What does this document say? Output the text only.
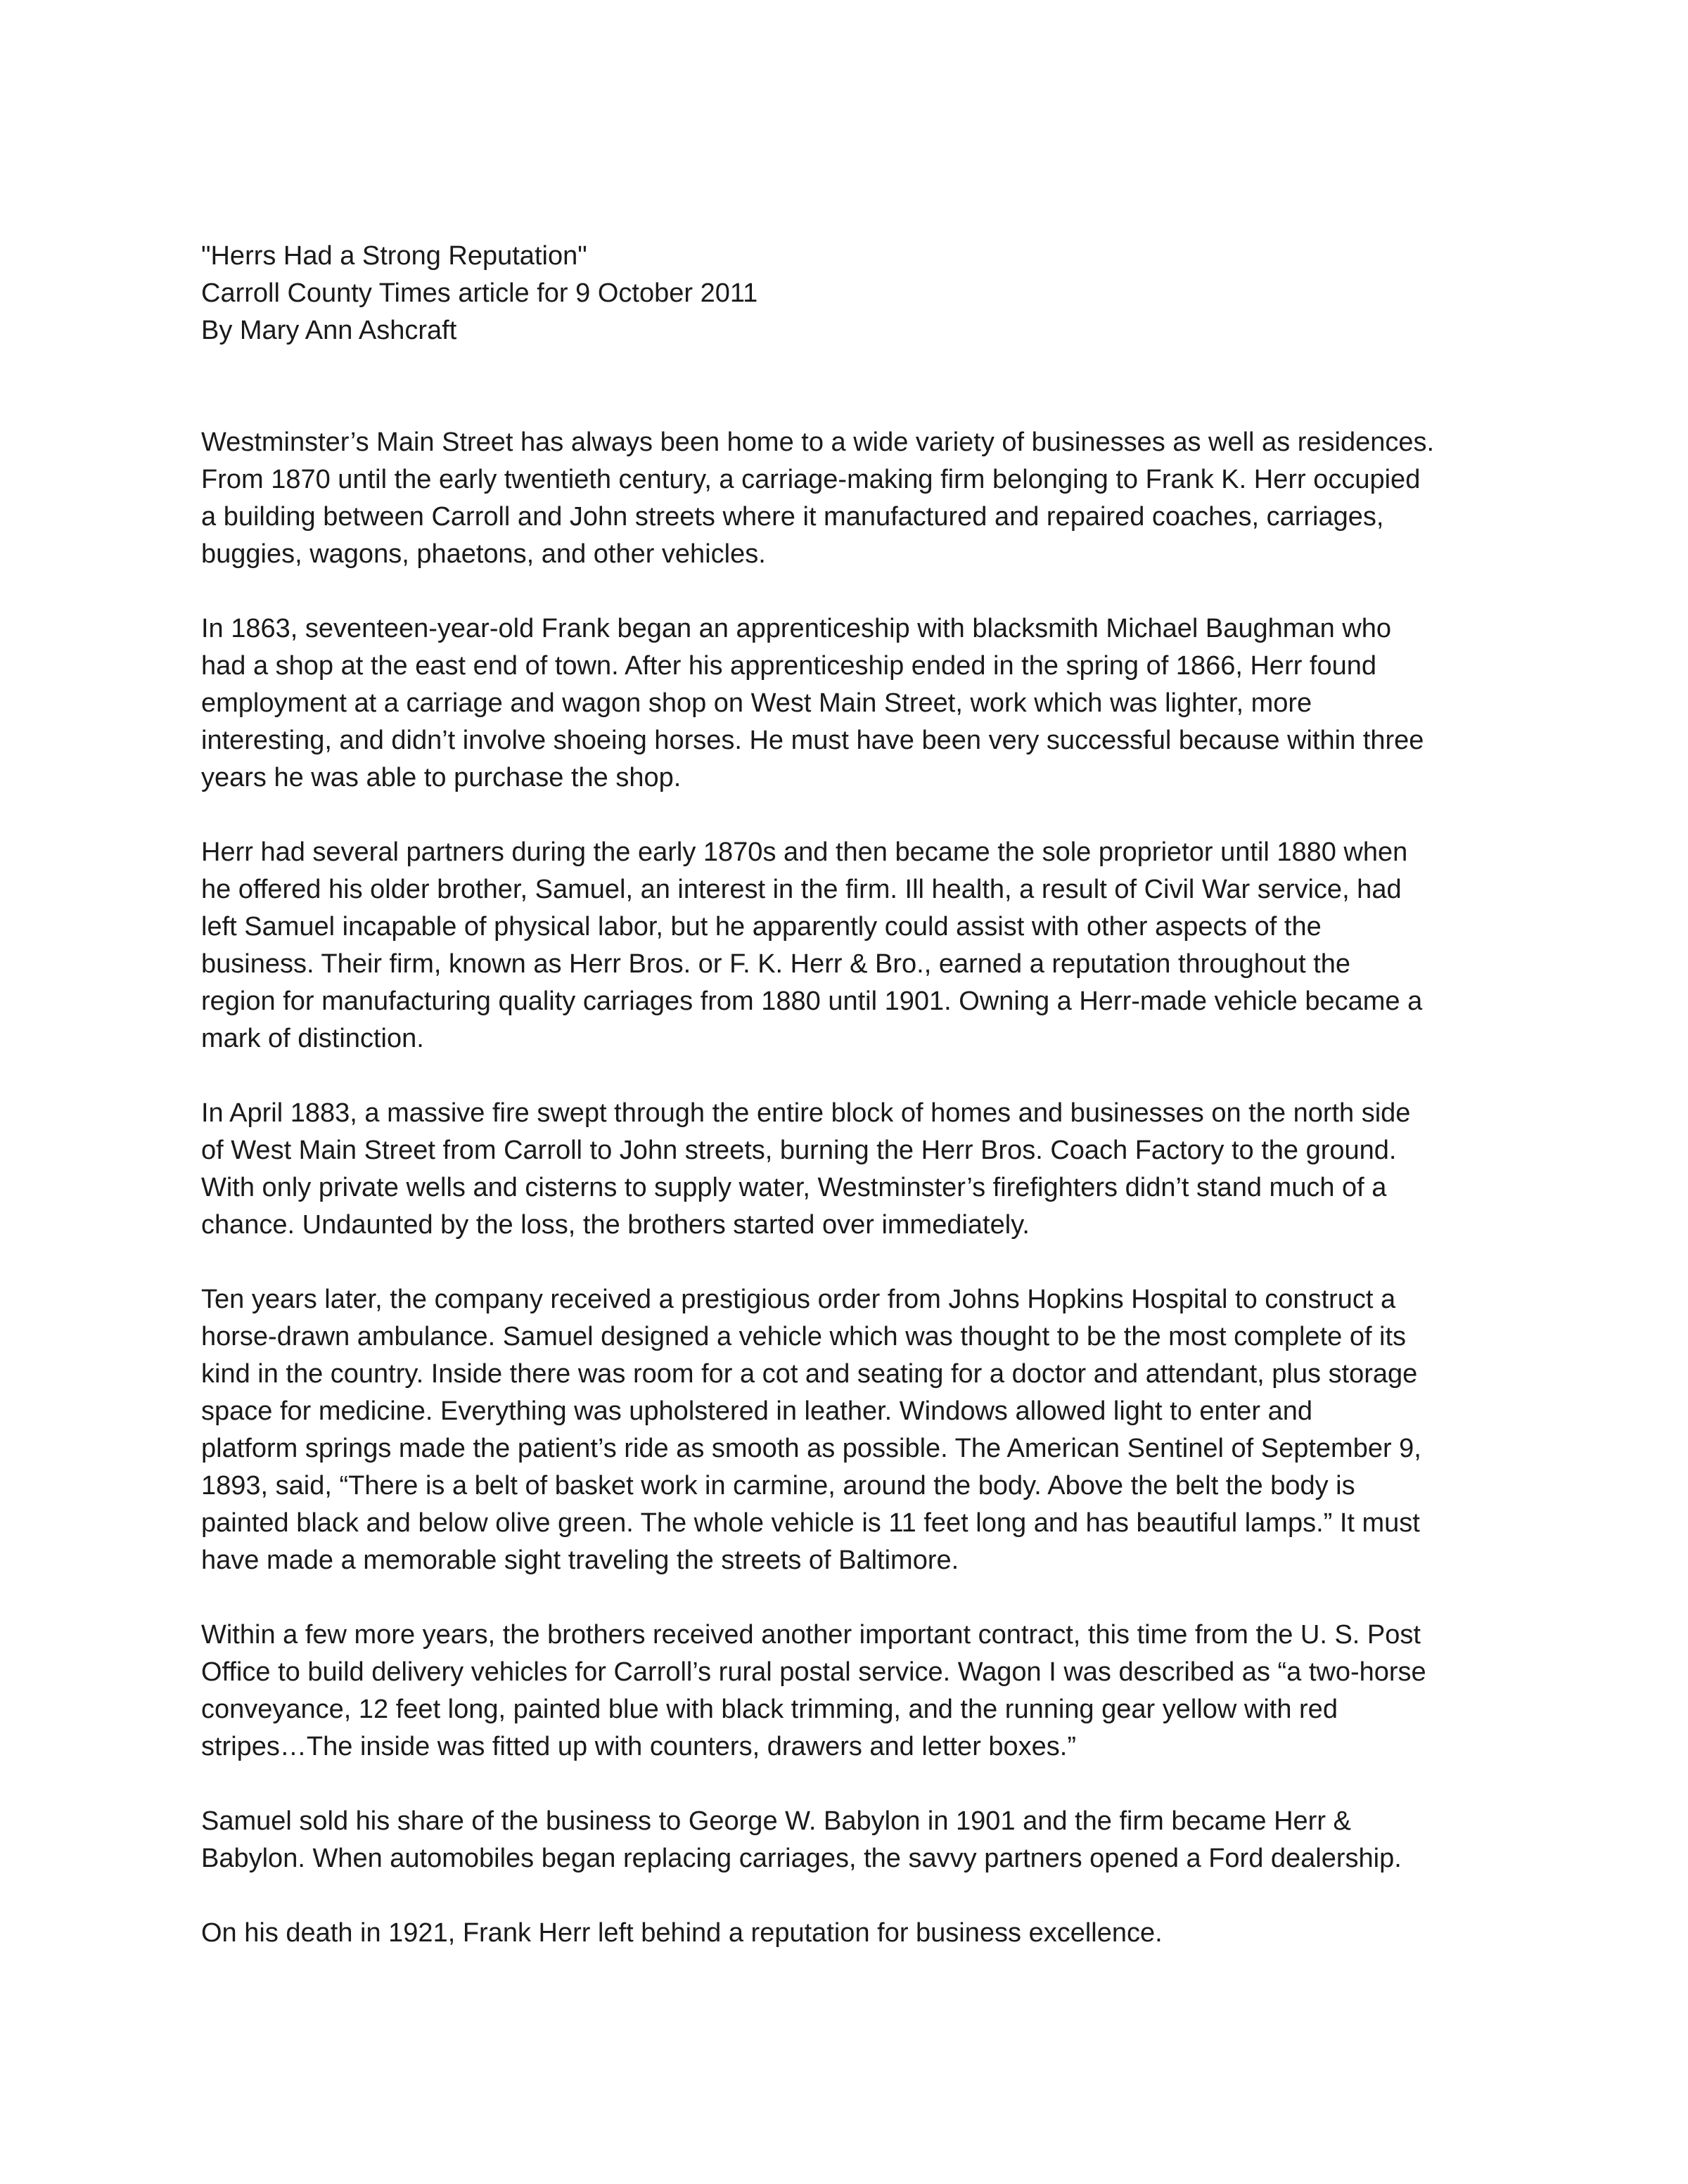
"Herrs Had a Strong Reputation"
Carroll County Times article for 9 October 2011
By Mary Ann Ashcraft

Westminster’s Main Street has always been home to a wide variety of businesses as well as residences.
From 1870 until the early twentieth century, a carriage-making firm belonging to Frank K. Herr occupied
a building between Carroll and John streets where it manufactured and repaired coaches, carriages,
buggies, wagons, phaetons, and other vehicles.

In 1863, seventeen-year-old Frank began an apprenticeship with blacksmith Michael Baughman who
had a shop at the east end of town. After his apprenticeship ended in the spring of 1866, Herr found
employment at a carriage and wagon shop on West Main Street, work which was lighter, more
interesting, and didn’t involve shoeing horses. He must have been very successful because within three
years he was able to purchase the shop.

Herr had several partners during the early 1870s and then became the sole proprietor until 1880 when
he offered his older brother, Samuel, an interest in the firm. Ill health, a result of Civil War service, had
left Samuel incapable of physical labor, but he apparently could assist with other aspects of the
business. Their firm, known as Herr Bros. or F. K. Herr & Bro., earned a reputation throughout the
region for manufacturing quality carriages from 1880 until 1901. Owning a Herr-made vehicle became a
mark of distinction.

In April 1883, a massive fire swept through the entire block of homes and businesses on the north side
of West Main Street from Carroll to John streets, burning the Herr Bros. Coach Factory to the ground.
With only private wells and cisterns to supply water, Westminster’s firefighters didn’t stand much of a
chance. Undaunted by the loss, the brothers started over immediately.

Ten years later, the company received a prestigious order from Johns Hopkins Hospital to construct a
horse-drawn ambulance. Samuel designed a vehicle which was thought to be the most complete of its
kind in the country. Inside there was room for a cot and seating for a doctor and attendant, plus storage
space for medicine. Everything was upholstered in leather. Windows allowed light to enter and
platform springs made the patient’s ride as smooth as possible. The American Sentinel of September 9,
1893, said, “There is a belt of basket work in carmine, around the body. Above the belt the body is
painted black and below olive green. The whole vehicle is 11 feet long and has beautiful lamps.” It must
have made a memorable sight traveling the streets of Baltimore.

Within a few more years, the brothers received another important contract, this time from the U. S. Post
Office to build delivery vehicles for Carroll’s rural postal service. Wagon I was described as “a two-horse
conveyance, 12 feet long, painted blue with black trimming, and the running gear yellow with red
stripes…The inside was fitted up with counters, drawers and letter boxes.”

Samuel sold his share of the business to George W. Babylon in 1901 and the firm became Herr &
Babylon. When automobiles began replacing carriages, the savvy partners opened a Ford dealership.

On his death in 1921, Frank Herr left behind a reputation for business excellence.
